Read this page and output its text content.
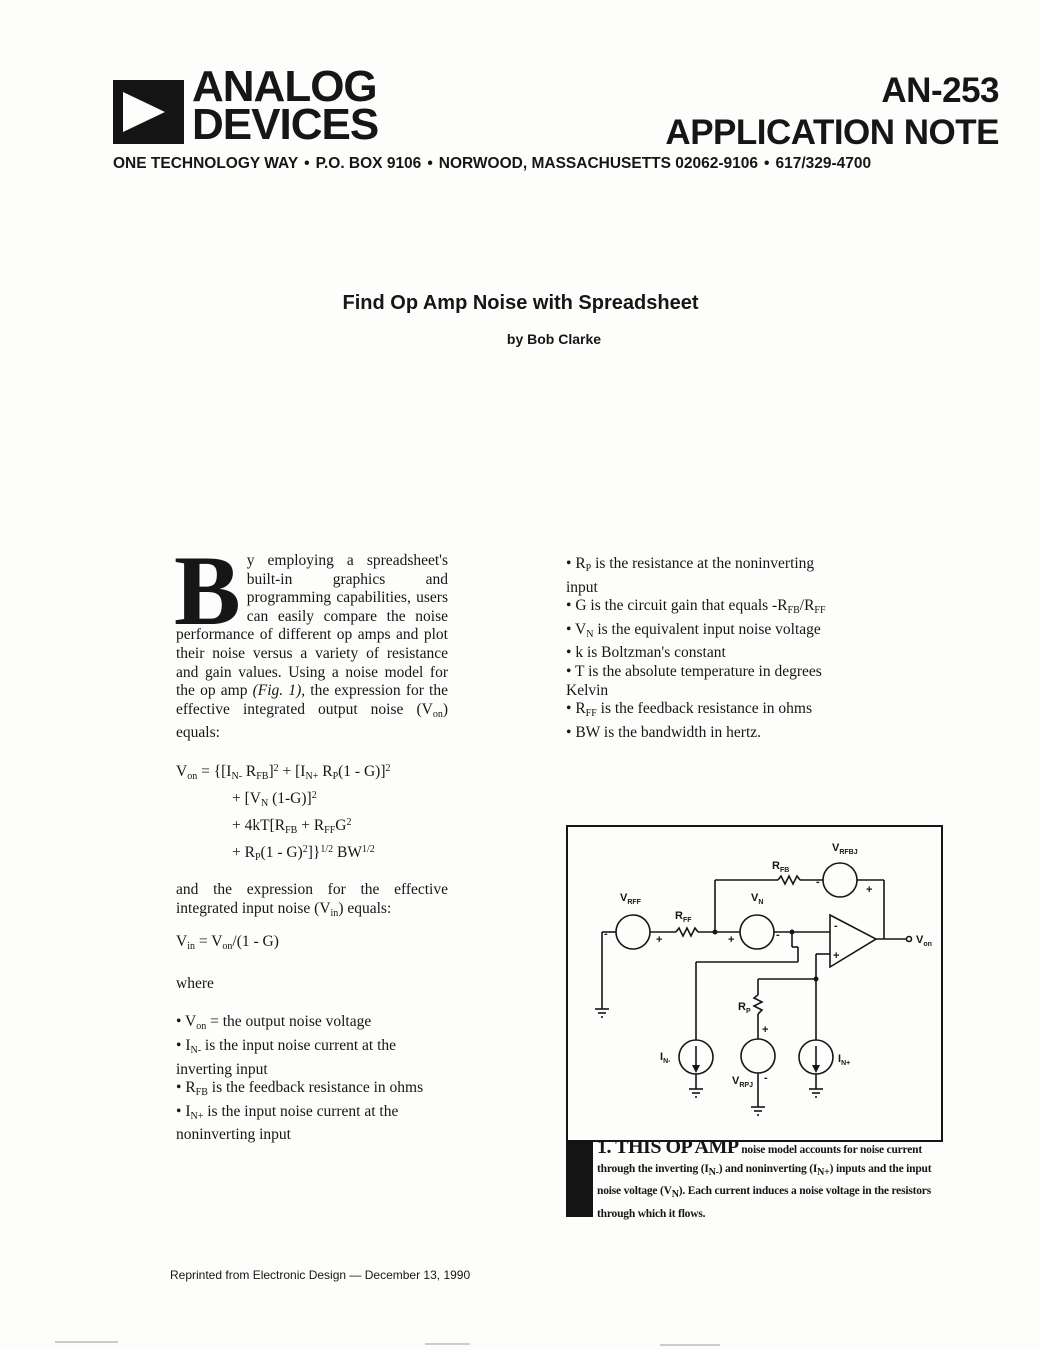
ANALOG
DEVICES
AN-253
APPLICATION NOTE
ONE TECHNOLOGY WAY • P.O. BOX 9106 • NORWOOD, MASSACHUSETTS 02062-9106 • 617/329-4700
Find Op Amp Noise with Spreadsheet
by Bob Clarke

By employing a spreadsheet's built-in graphics and programming capabilities, users can easily compare the noise performance of different op amps and plot their noise versus a variety of resistance and gain values. Using a noise model for the op amp (Fig. 1), the expression for the effective integrated output noise $(V_{on})$ equals:

$V_{on} = \{[I_{N-}$ $R_{FB}]^2 + [I_{N+}$ $R_P(1 - G)]^2$
+ [$V_N$ (1-G)]$^2$
+ $4kT[R_{FB} + R_{FF}G^2$
+ $R_P(1 - G)^2]\}^{1/2}$ $BW^{1/2}$

and the expression for the effective integrated input noise $(V_{in})$ equals:

$V_{in} = V_{on}/(1 - G)$
where
• $V_{on}$ = the output noise voltage
• $I_{N-}$ is the input noise current at the inverting input
• $R_{FB}$ is the feedback resistance in ohms
• $I_{N+}$ is the input noise current at the noninverting input
• $R_P$ is the resistance at the noninverting input
• G is the circuit gain that equals $-R_{FB}/R_{FF}$
• $V_N$ is the equivalent input noise voltage
• k is Boltzman's constant
• T is the absolute temperature in degrees Kelvin
• $R_{FF}$ is the feedback resistance in ohms
• BW is the bandwidth in hertz.
$V_{RFF}$
$R_{FF}$
$R_{FB}$
$V_{RFBJ}$
$V_N$
$R_P$
$I_{N-}$	$I_{N+}$
$V_{RPJ}$
$V_{on}$
-	+	+	-
-
+
-
+
+
-
1. THIS OP AMP noise model accounts for noise current through the inverting $(I_{N-})$ and noninverting $(I_{N+})$ inputs and the input noise voltage $(V_N)$. Each current induces a noise voltage in the resistors through which it flows.
Reprinted from Electronic Design — December 13, 1990
